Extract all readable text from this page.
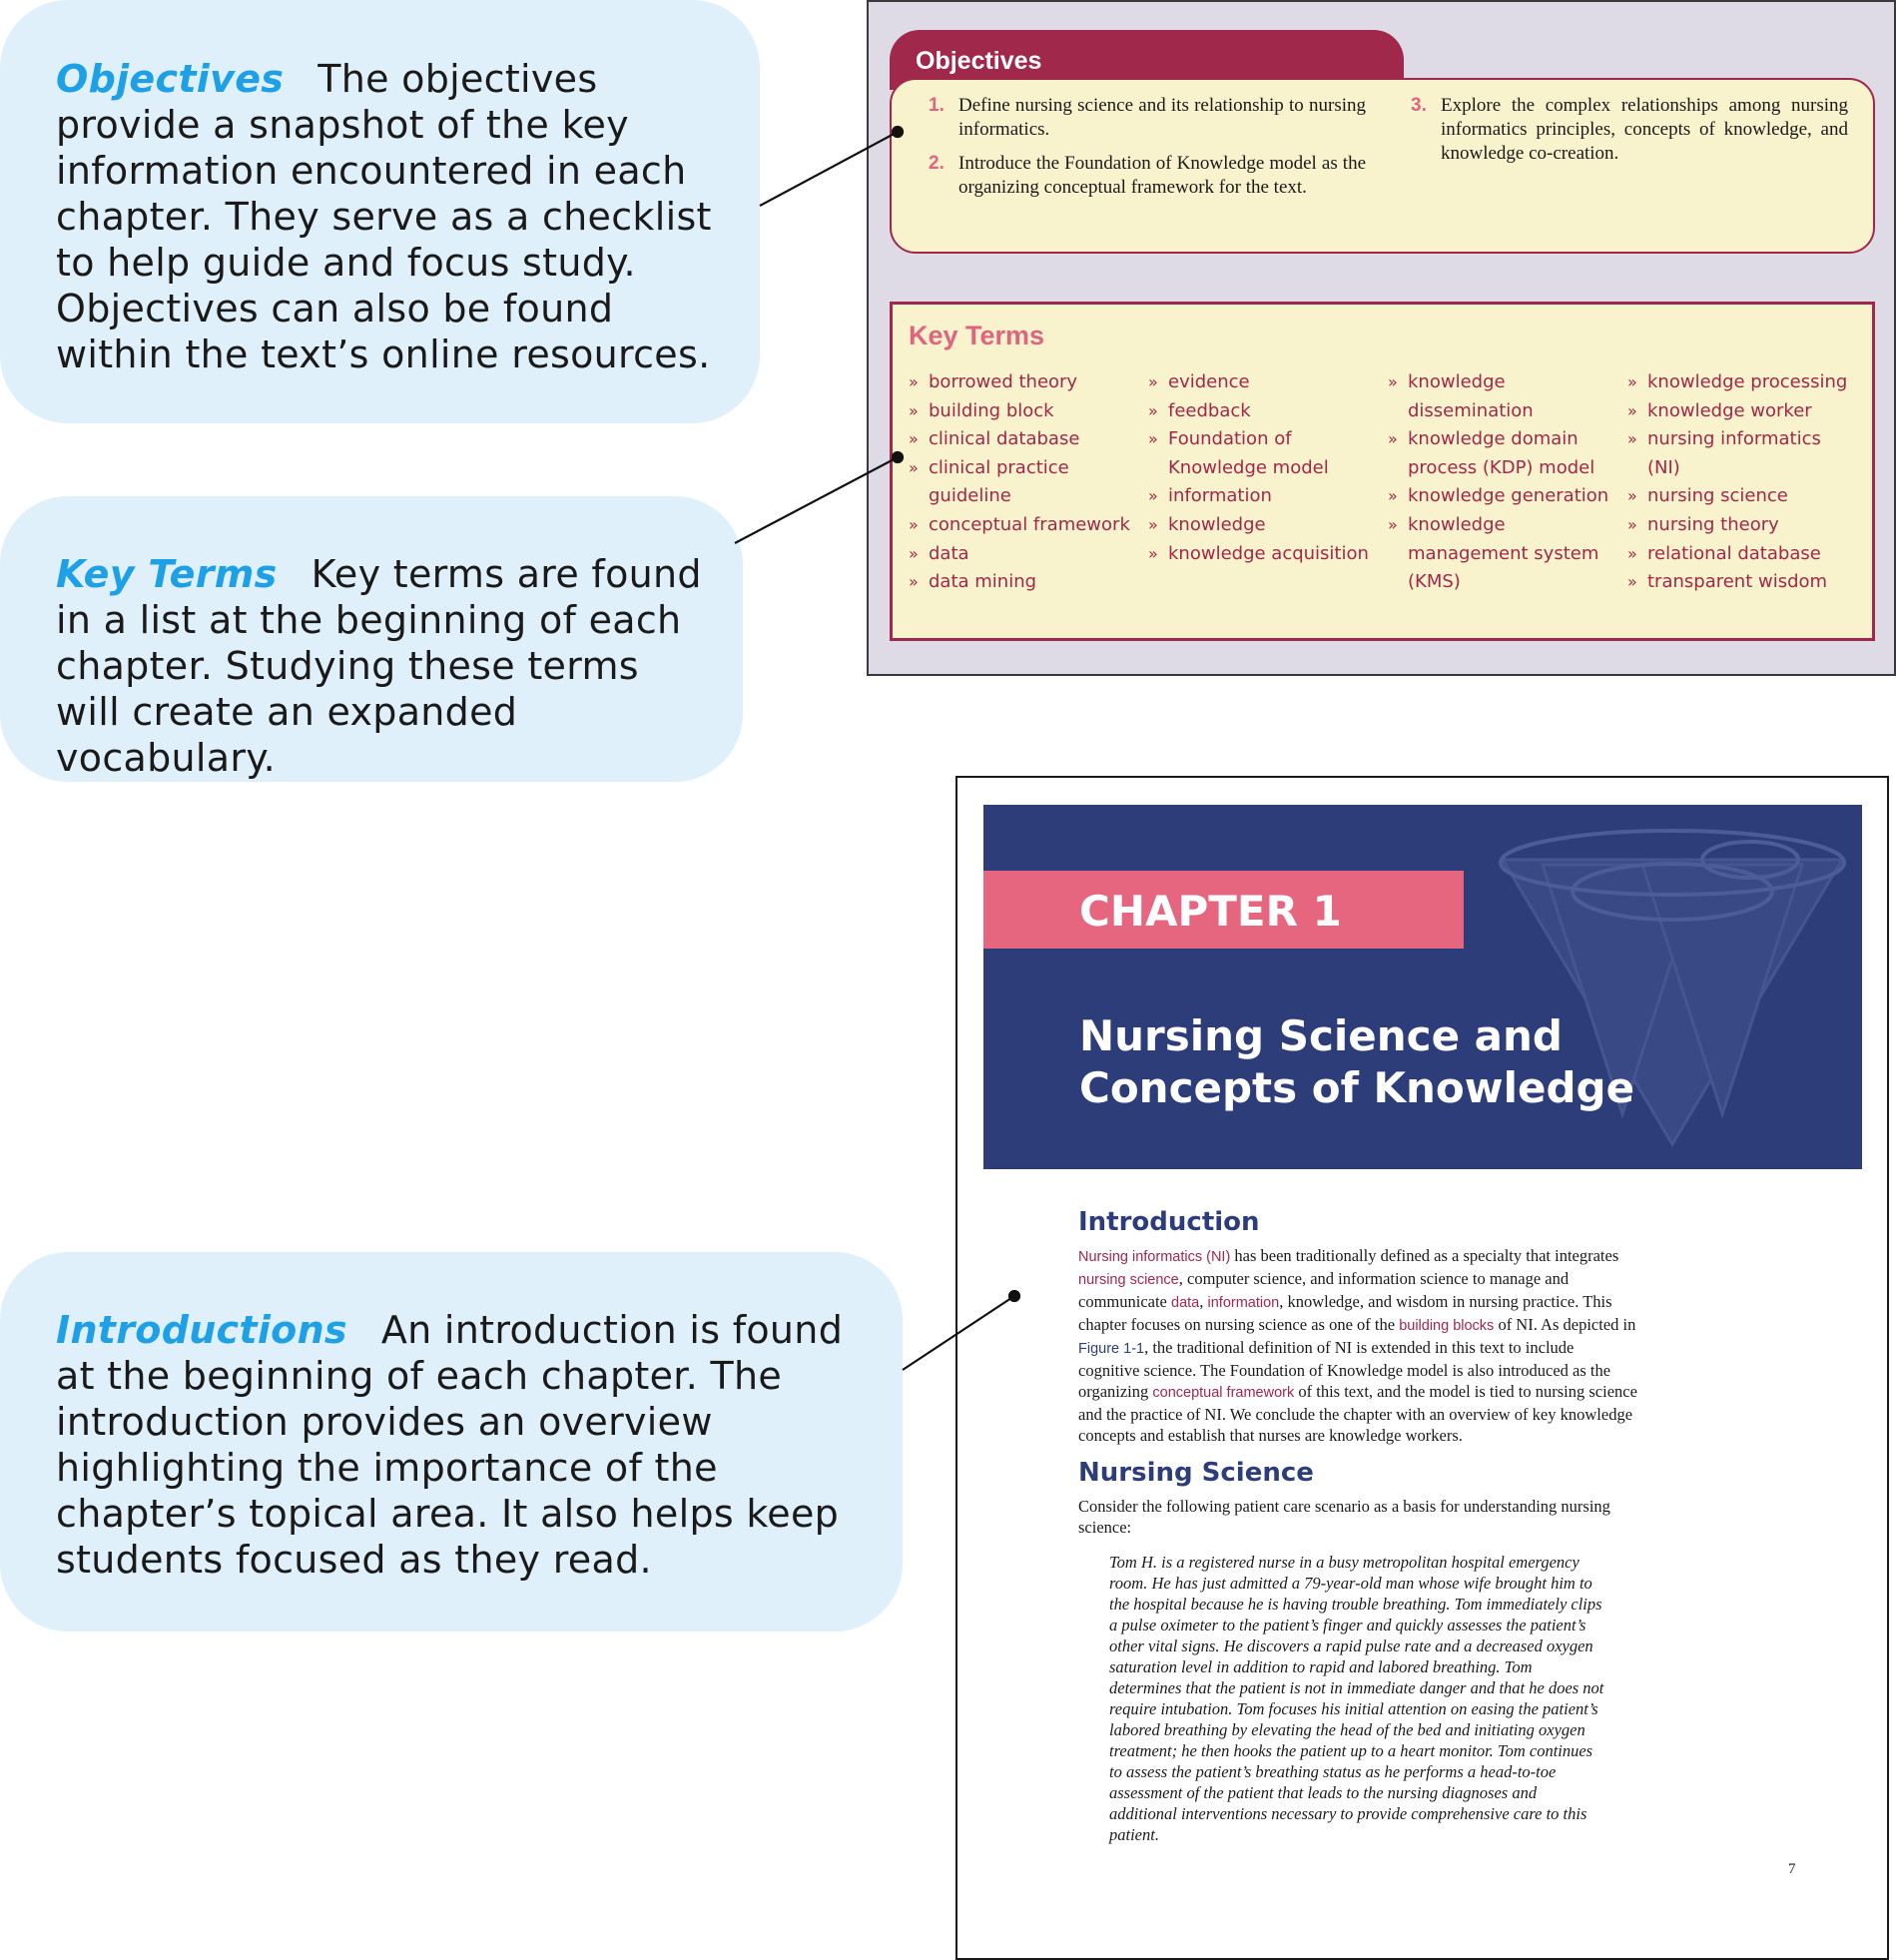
Objectives The objectives provide a snapshot of the key information encountered in each chapter. They serve as a checklist to help guide and focus study. Objectives can also be found within the text’s online resources.
Key Terms Key terms are found in a list at the beginning of each chapter. Studying these terms will create an expanded vocabulary.
Introductions An introduction is found at the beginning of each chapter. The introduction provides an overview highlighting the importance of the chapter’s topical area. It also helps keep students focused as they read.
Objectives
1. Define nursing science and its relationship to nursing informatics.
2. Introduce the Foundation of Knowledge model as the organizing conceptual framework for the text.
3. Explore the complex relationships among nursing informatics principles, concepts of knowledge, and knowledge co-creation.
Key Terms
» borrowed theory
» building block
» clinical database
» clinical practice guideline
» conceptual framework
» data
» data mining
» evidence
» feedback
» Foundation of Knowledge model
» information
» knowledge
» knowledge acquisition
» knowledge dissemination
» knowledge domain process (KDP) model
» knowledge generation
» knowledge management system (KMS)
» knowledge processing
» knowledge worker
» nursing informatics (NI)
» nursing science
» nursing theory
» relational database
» transparent wisdom
CHAPTER 1
Nursing Science and Concepts of Knowledge
Introduction

Nursing informatics (NI) has been traditionally defined as a specialty that integrates nursing science, computer science, and information science to manage and communicate data, information, knowledge, and wisdom in nursing practice. This chapter focuses on nursing science as one of the building blocks of NI. As depicted in Figure 1-1, the traditional definition of NI is extended in this text to include cognitive science. The Foundation of Knowledge model is also introduced as the organizing conceptual framework of this text, and the model is tied to nursing science and the practice of NI. We conclude the chapter with an overview of key knowledge concepts and establish that nurses are knowledge workers.

Nursing Science

Consider the following patient care scenario as a basis for understanding nursing science:

Tom H. is a registered nurse in a busy metropolitan hospital emergency room. He has just admitted a 79-year-old man whose wife brought him to the hospital because he is having trouble breathing. Tom immediately clips a pulse oximeter to the patient’s finger and quickly assesses the patient’s other vital signs. He discovers a rapid pulse rate and a decreased oxygen saturation level in addition to rapid and labored breathing. Tom determines that the patient is not in immediate danger and that he does not require intubation. Tom focuses his initial attention on easing the patient’s labored breathing by elevating the head of the bed and initiating oxygen treatment; he then hooks the patient up to a heart monitor. Tom continues to assess the patient’s breathing status as he performs a head-to-toe assessment of the patient that leads to the nursing diagnoses and additional interventions necessary to provide comprehensive care to this patient.

7
